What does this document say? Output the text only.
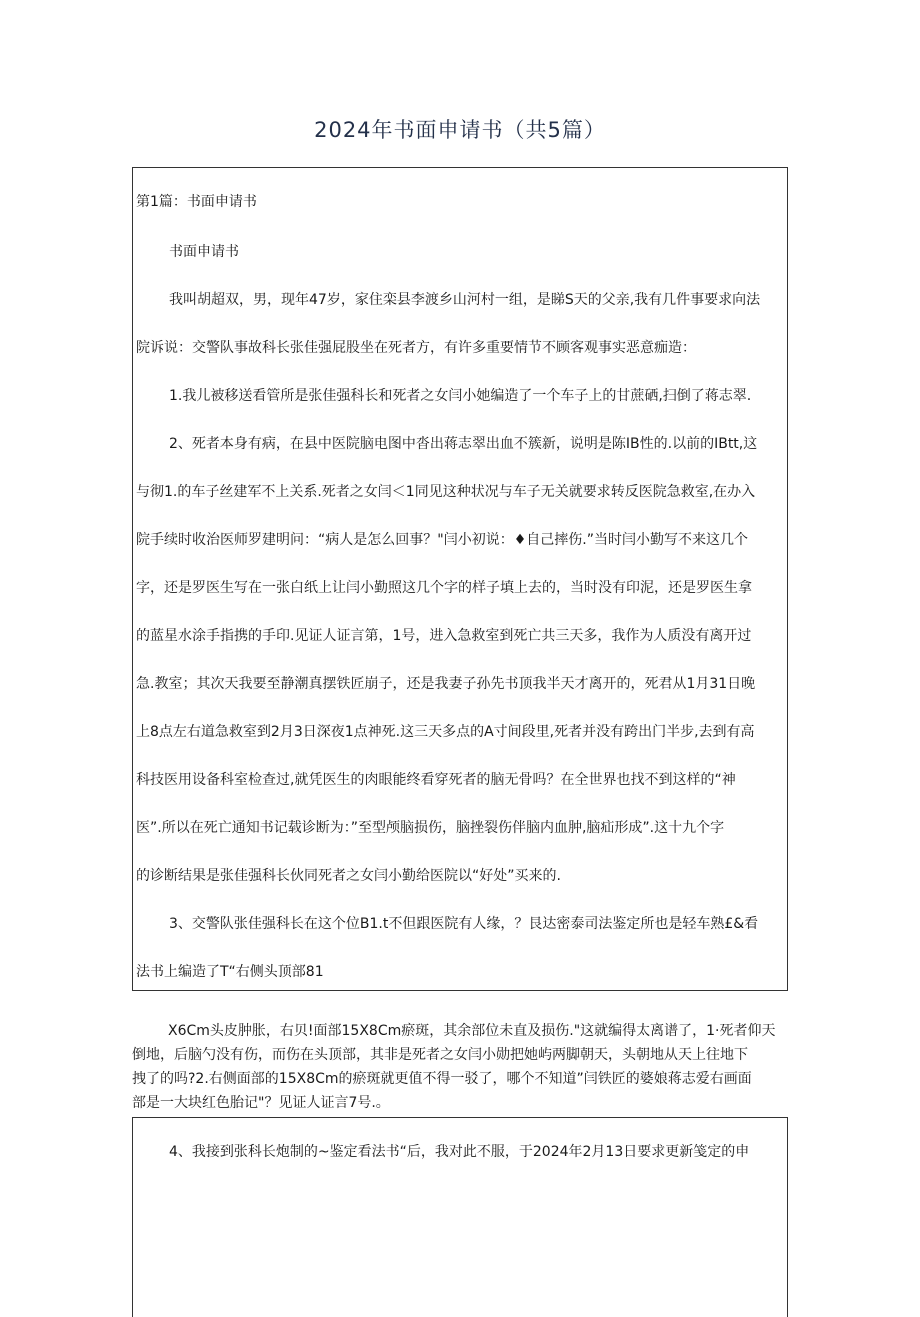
2024年书面申请书（共5篇）

第1篇：书面申请书

书面申请书

我叫胡超双，男，现年47岁，家住栾县李渡乡山河村一组，是睇S天的父亲,我有几件事要求向法

院诉说：交警队事故科长张佳强屁股坐在死者方，有许多重要情节不顾客观事实恶意痂造：

1.我儿被移送看管所是张佳强科长和死者之女闫小她编造了一个车子上的甘蔗硒,扫倒了蒋志翠.

2、死者本身有病，在县中医院脑电图中沓出蒋志翠出血不簇新，说明是陈IB性的.以前的IBtt,这

与彻1.的车子丝建军不上关系.死者之女闫＜1同见这种状况与车子无关就要求转反医院急救室,在办入

院手续时收治医师罗建明问：“病人是怎么回事？"闫小初说：♦自己摔伤.”当时闫小勤写不来这几个

字，还是罗医生写在一张白纸上让闫小勤照这几个字的样子填上去的，当时没有印泥，还是罗医生拿

的蓝星水涂手指携的手印.见证人证言第，1号，进入急救室到死亡共三天多，我作为人质没有离开过

急.教室；其次天我要至静潮真摆铁匠崩子，还是我妻子孙先书顶我半天才离开的，死君从1月31日晚

上8点左右道急救室到2月3日深夜1点神死.这三天多点的A寸间段里,死者并没有跨出门半步,去到有高

科技医用设备科室检查过,就凭医生的肉眼能终看穿死者的脑无骨吗？在全世界也找不到这样的“神

医”.所以在死亡通知书记载诊断为：”至型颅脑损伤，脑挫裂伤伴脑内血肿,脑疝形成”.这十九个字

的诊断结果是张佳强科长伙同死者之女闫小勤给医院以“好处”买来的.

3、交警队张佳强科长在这个位B1.t不但跟医院有人缘，？艮达密泰司法鉴定所也是轻车熟£&看

法书上编造了T“右侧头顶部81

X6Cm头皮肿胀，右贝!面部15X8Cm瘀斑，其余部位未直及损伤."这就编得太离谱了，1·死者仰天

倒地，后脑勺没有伤，而伤在头顶部，其非是死者之女闫小勋把她屿两脚朝天，头朝地从天上往地下

拽了的吗?2.右侧面部的15X8Cm的瘀斑就更值不得一驳了，哪个不知道”闫铁匠的婆娘蒋志爱右画面

部是一大块红色胎记"？见证人证言7号.。

4、我接到张科长炮制的~鉴定看法书“后，我对此不服，于2024年2月13日要求更新笺定的申
